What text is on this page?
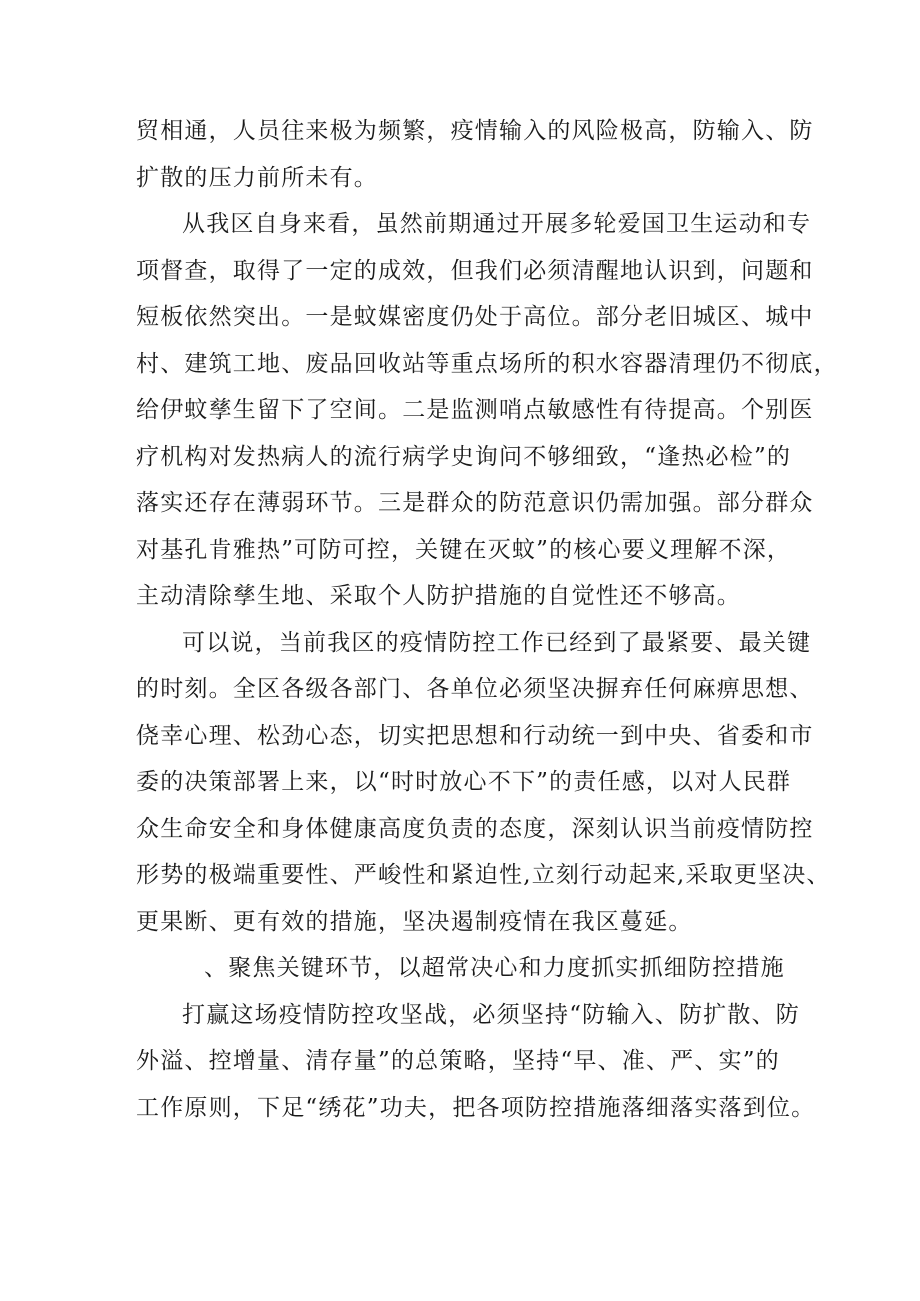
贸相通，人员往来极为频繁，疫情输入的风险极高，防输入、防
扩散的压力前所未有。
从我区自身来看，虽然前期通过开展多轮爱国卫生运动和专
项督查，取得了一定的成效，但我们必须清醒地认识到，问题和
短板依然突出。一是蚊媒密度仍处于高位。部分老旧城区、城中
村、建筑工地、废品回收站等重点场所的积水容器清理仍不彻底，
给伊蚊孳生留下了空间。二是监测哨点敏感性有待提高。个别医
疗机构对发热病人的流行病学史询问不够细致，“逢热必检”的
落实还存在薄弱环节。三是群众的防范意识仍需加强。部分群众
对基孔肯雅热”可防可控，关键在灭蚊”的核心要义理解不深，
主动清除孳生地、采取个人防护措施的自觉性还不够高。
可以说，当前我区的疫情防控工作已经到了最紧要、最关键
的时刻。全区各级各部门、各单位必须坚决摒弃任何麻痹思想、
侥幸心理、松劲心态，切实把思想和行动统一到中央、省委和市
委的决策部署上来，以“时时放心不下”的责任感，以对人民群
众生命安全和身体健康高度负责的态度，深刻认识当前疫情防控
形势的极端重要性、严峻性和紧迫性,立刻行动起来,采取更坚决、
更果断、更有效的措施，坚决遏制疫情在我区蔓延。
、聚焦关键环节，以超常决心和力度抓实抓细防控措施
打赢这场疫情防控攻坚战，必须坚持“防输入、防扩散、防
外溢、控增量、清存量”的总策略，坚持“早、准、严、实”的
工作原则，下足“绣花”功夫，把各项防控措施落细落实落到位。
